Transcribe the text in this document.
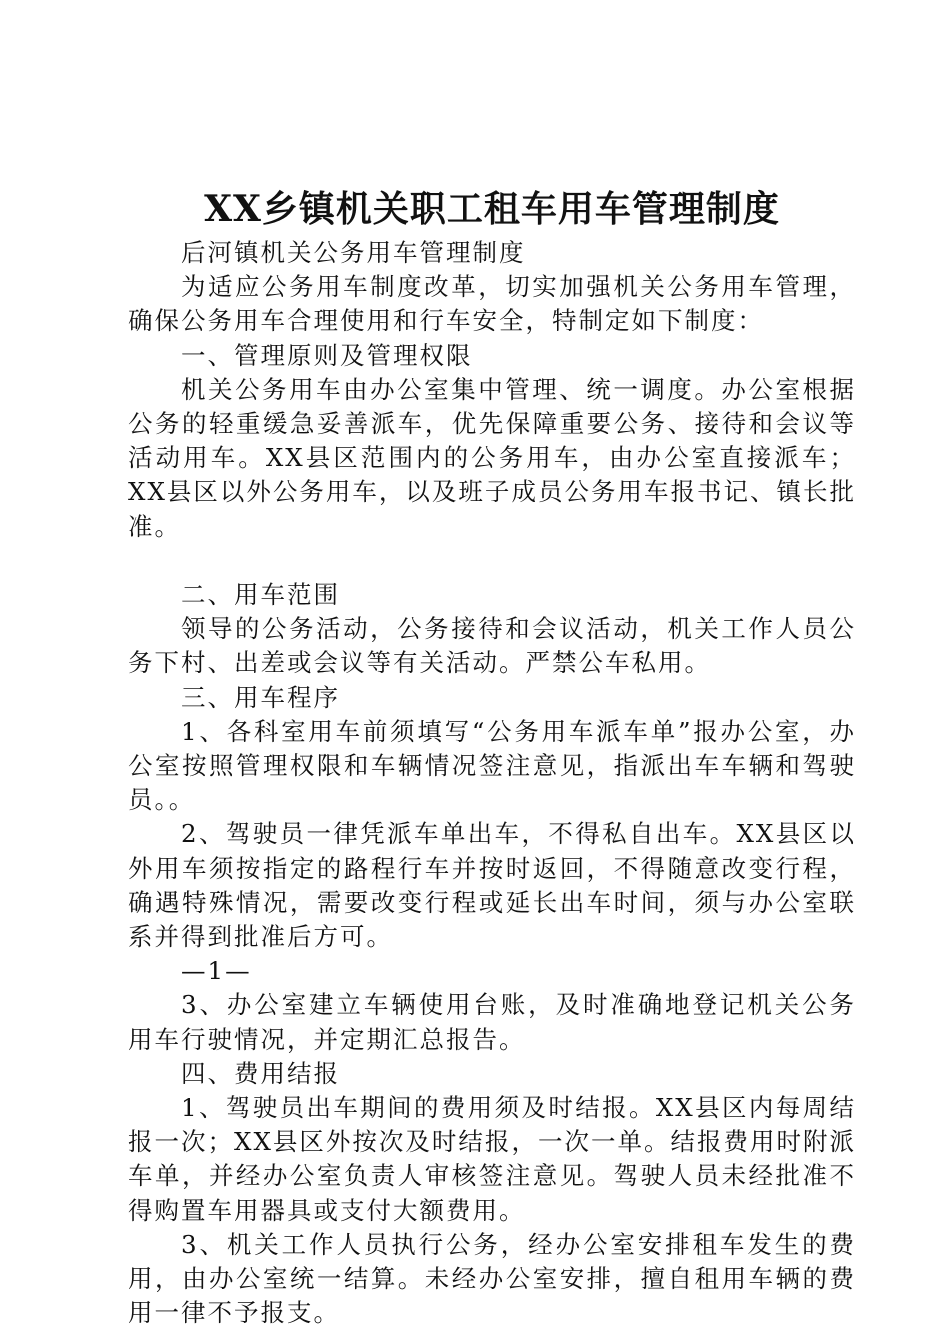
XX乡镇机关职工租车用车管理制度

后河镇机关公务用车管理制度

为适应公务用车制度改革，切实加强机关公务用车管理，确保公务用车合理使用和行车安全，特制定如下制度：

一、管理原则及管理权限

机关公务用车由办公室集中管理、统一调度。办公室根据公务的轻重缓急妥善派车，优先保障重要公务、接待和会议等活动用车。XX县区范围内的公务用车，由办公室直接派车；XX县区以外公务用车，以及班子成员公务用车报书记、镇长批准。

二、用车范围

领导的公务活动，公务接待和会议活动，机关工作人员公务下村、出差或会议等有关活动。严禁公车私用。

三、用车程序

1、各科室用车前须填写“公务用车派车单”报办公室，办公室按照管理权限和车辆情况签注意见，指派出车车辆和驾驶员。。

2、驾驶员一律凭派车单出车，不得私自出车。XX县区以外用车须按指定的路程行车并按时返回，不得随意改变行程，确遇特殊情况，需要改变行程或延长出车时间，须与办公室联系并得到批准后方可。

—1—

3、办公室建立车辆使用台账，及时准确地登记机关公务用车行驶情况，并定期汇总报告。

四、费用结报

1、驾驶员出车期间的费用须及时结报。XX县区内每周结报一次；XX县区外按次及时结报，一次一单。结报费用时附派车单，并经办公室负责人审核签注意见。驾驶人员未经批准不得购置车用器具或支付大额费用。

3、机关工作人员执行公务，经办公室安排租车发生的费用，由办公室统一结算。未经办公室安排，擅自租用车辆的费用一律不予报支。
